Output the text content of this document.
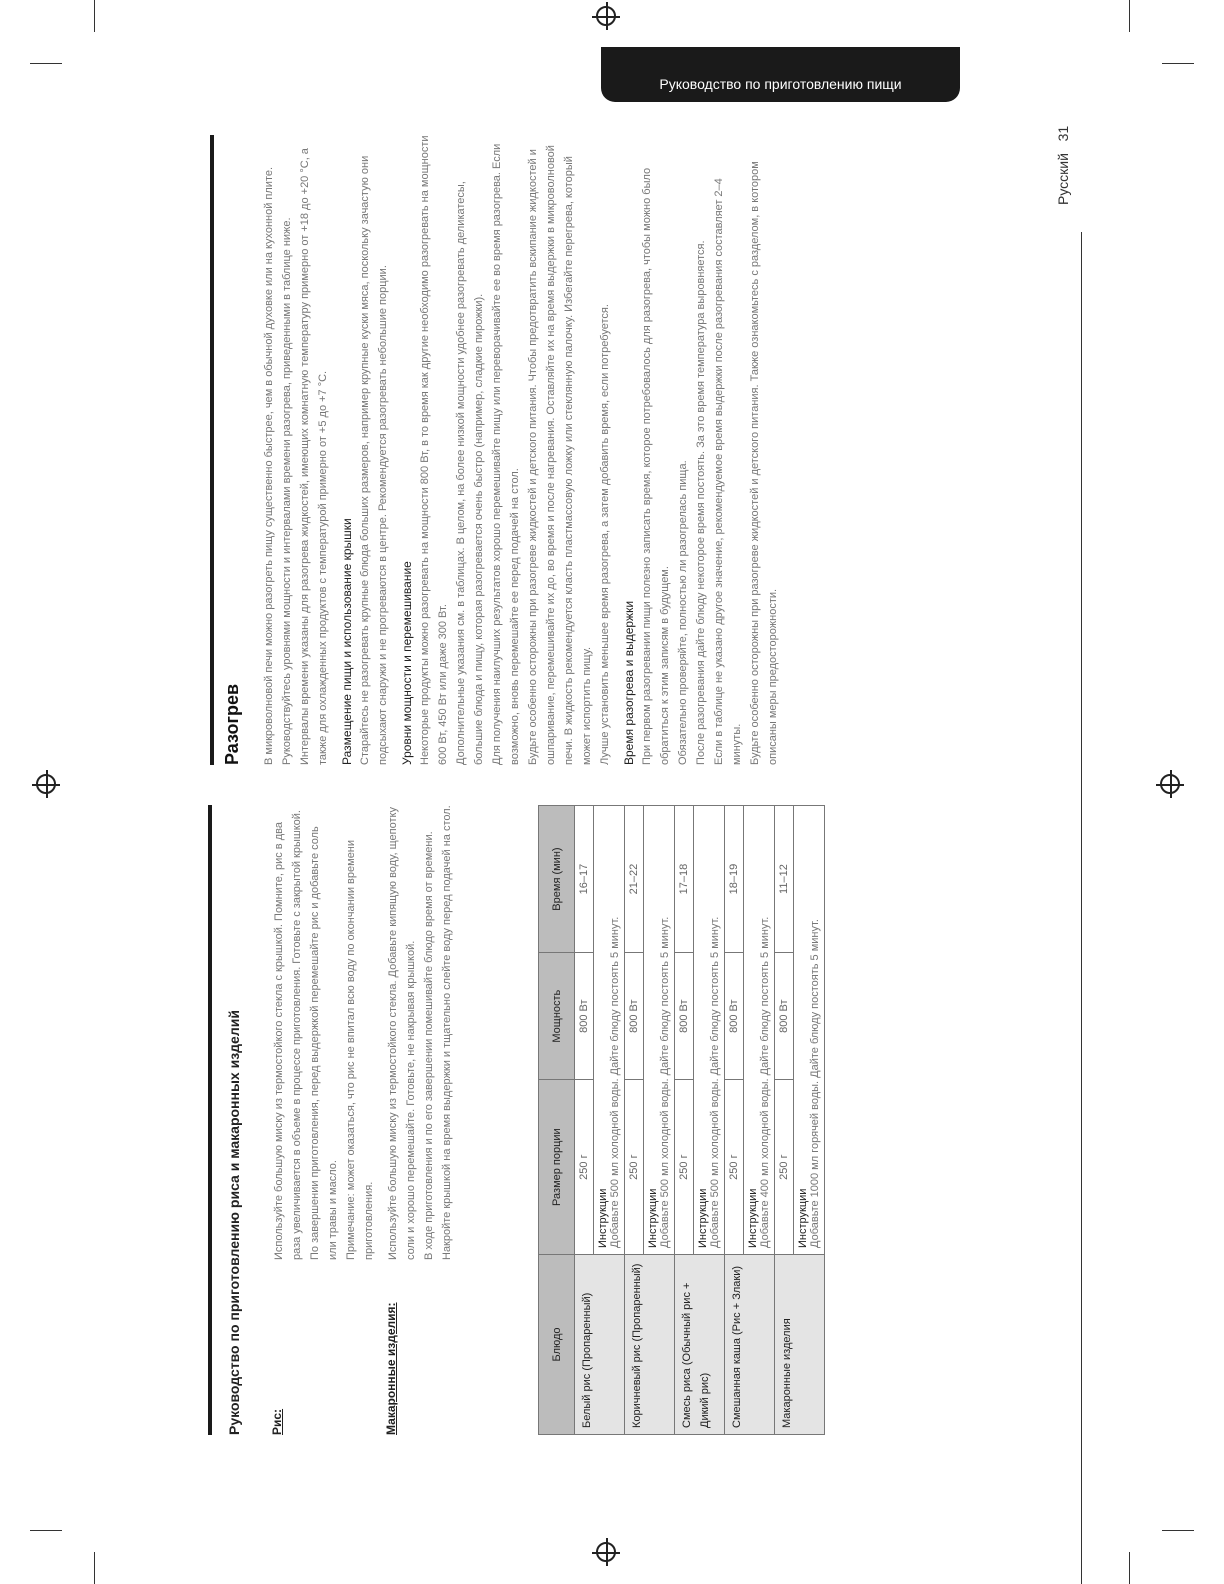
Руководство по приготовлению пищи
Русский   31
Руководство по приготовлению риса и макаронных изделий Рис:

Используйте большую миску из термостойкого стекла с крышкой. Помните, рис в два раза увеличивается в объеме в процессе приготовления. Готовьте с закрытой крышкой. По завершении приготовления, перед выдержкой перемешайте рис и добавьте соль или травы и масло. Примечание: может оказаться, что рис не впитал всю воду по окончании времени приготовления.

Макаронные изделия:

Используйте большую миску из термостойкого стекла. Добавьте кипящую воду, щепотку соли и хорошо перемешайте. Готовьте, не накрывая крышкой. В ходе приготовления и по его завершении помешивайте блюдо время от времени. Накройте крышкой на время выдержки и тщательно слейте воду перед подачей на стол.

Блюдо	Размер порции	Мощность	Время (мин)
Белый рис (Пропаренный)	250 г	800 Вт	16–17

	Инструкции Добавьте 500 мл холодной воды. Дайте блюду постоять 5 минут.		

Коричневый рис (Пропаренный)	250 г	800 Вт	21–22

	Инструкции Добавьте 500 мл холодной воды. Дайте блюду постоять 5 минут.		

Смесь риса (Обычный рис + Дикий рис)	250 г	800 Вт	17–18

	Инструкции Добавьте 500 мл холодной воды. Дайте блюду постоять 5 минут.		

Смешанная каша (Рис + Злаки)	250 г	800 Вт	18–19

	Инструкции Добавьте 400 мл холодной воды. Дайте блюду постоять 5 минут.		

Макаронные изделия	250 г	800 Вт	11–12

	Инструкции Добавьте 1000 мл горячей воды. Дайте блюду постоять 5 минут.		
Разогрев В микроволновой печи можно разогреть пищу существенно быстрее, чем в обычной духовке или на кухонной плите. Руководствуйтесь уровнями мощности и интервалами времени разогрева, приведенными в таблице ниже. Интервалы времени указаны для разогрева жидкостей, имеющих комнатную температуру примерно от +18 до +20 °C, а также для охлажденных продуктов с температурой примерно от +5 до +7 °C. Размещение пищи и использование крышки Старайтесь не разогревать крупные блюда больших размеров, например крупные куски мяса, поскольку зачастую они подсыхают снаружи и не прогреваются в центре. Рекомендуется разогревать небольшие порции. Уровни мощности и перемешивание Некоторые продукты можно разогревать на мощности 800 Вт, в то время как другие необходимо разогревать на мощности 600 Вт, 450 Вт или даже 300 Вт. Дополнительные указания см. в таблицах. В целом, на более низкой мощности удобнее разогревать деликатесы, большие блюда и пищу, которая разогревается очень быстро (например, сладкие пирожки). Для получения наилучших результатов хорошо перемешивайте пищу или переворачивайте ее во время разогрева. Если возможно, вновь перемешайте ее перед подачей на стол. Будьте особенно осторожны при разогреве жидкостей и детского питания. Чтобы предотвратить вскипание жидкостей и ошпаривание, перемешивайте их до, во время и после нагревания. Оставляйте их на время выдержки в микроволновой печи. В жидкость рекомендуется класть пластмассовую ложку или стеклянную палочку. Избегайте перегрева, который может испортить пищу. Лучше установить меньшее время разогрева, а затем добавить время, если потребуется. Время разогрева и выдержки При первом разогревании пищи полезно записать время, которое потребовалось для разогрева, чтобы можно было обратиться к этим записям в будущем. Обязательно проверяйте, полностью ли разогрелась пища. После разогревания дайте блюду некоторое время постоять. За это время температура выровняется. Если в таблице не указано другое значение, рекомендуемое время выдержки после разогревания составляет 2–4 минуты. Будьте особенно осторожны при разогреве жидкостей и детского питания. Также ознакомьтесь с разделом, в котором описаны меры предосторожности.
